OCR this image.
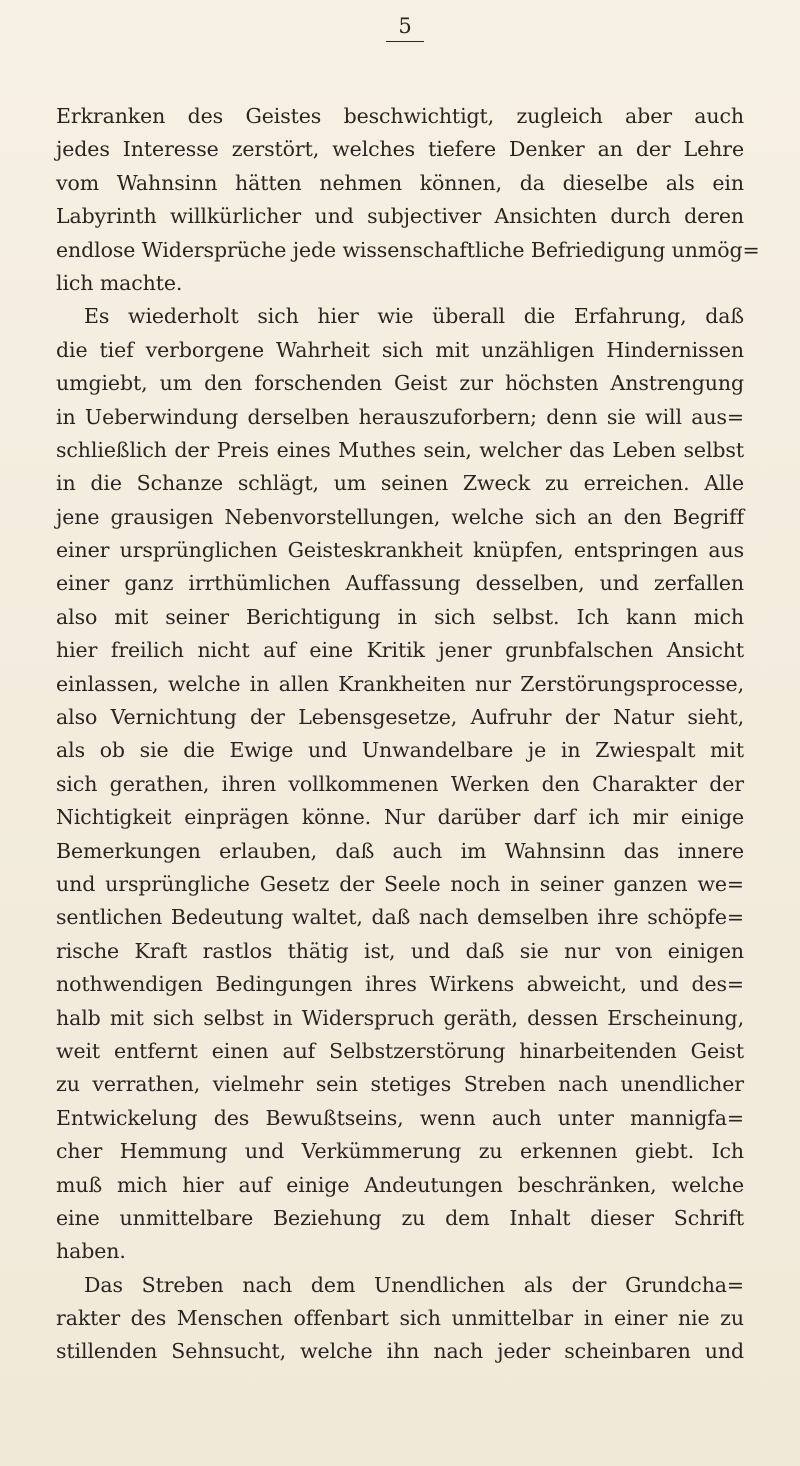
5
Erkranken des Geistes beschwichtigt, zugleich aber auch
jedes Interesse zerstört, welches tiefere Denker an der Lehre
vom Wahnsinn hätten nehmen können, da dieselbe als ein
Labyrinth willkürlicher und subjectiver Ansichten durch deren
endlose Widersprüche jede wissenschaftliche Befriedigung unmög=
lich machte.
Es wiederholt sich hier wie überall die Erfahrung, daß
die tief verborgene Wahrheit sich mit unzähligen Hindernissen
umgiebt, um den forschenden Geist zur höchsten Anstrengung
in Ueberwindung derselben herauszuforbern; denn sie will aus=
schließlich der Preis eines Muthes sein, welcher das Leben selbst
in die Schanze schlägt, um seinen Zweck zu erreichen. Alle
jene grausigen Nebenvorstellungen, welche sich an den Begriff
einer ursprünglichen Geisteskrankheit knüpfen, entspringen aus
einer ganz irrthümlichen Auffassung desselben, und zerfallen
also mit seiner Berichtigung in sich selbst. Ich kann mich
hier freilich nicht auf eine Kritik jener grunbfalschen Ansicht
einlassen, welche in allen Krankheiten nur Zerstörungsprocesse,
also Vernichtung der Lebensgesetze, Aufruhr der Natur sieht,
als ob sie die Ewige und Unwandelbare je in Zwiespalt mit
sich gerathen, ihren vollkommenen Werken den Charakter der
Nichtigkeit einprägen könne. Nur darüber darf ich mir einige
Bemerkungen erlauben, daß auch im Wahnsinn das innere
und ursprüngliche Gesetz der Seele noch in seiner ganzen we=
sentlichen Bedeutung waltet, daß nach demselben ihre schöpfe=
rische Kraft rastlos thätig ist, und daß sie nur von einigen
nothwendigen Bedingungen ihres Wirkens abweicht, und des=
halb mit sich selbst in Widerspruch geräth, dessen Erscheinung,
weit entfernt einen auf Selbstzerstörung hinarbeitenden Geist
zu verrathen, vielmehr sein stetiges Streben nach unendlicher
Entwickelung des Bewußtseins, wenn auch unter mannigfa=
cher Hemmung und Verkümmerung zu erkennen giebt. Ich
muß mich hier auf einige Andeutungen beschränken, welche
eine unmittelbare Beziehung zu dem Inhalt dieser Schrift
haben.
Das Streben nach dem Unendlichen als der Grundcha=
rakter des Menschen offenbart sich unmittelbar in einer nie zu
stillenden Sehnsucht, welche ihn nach jeder scheinbaren und
